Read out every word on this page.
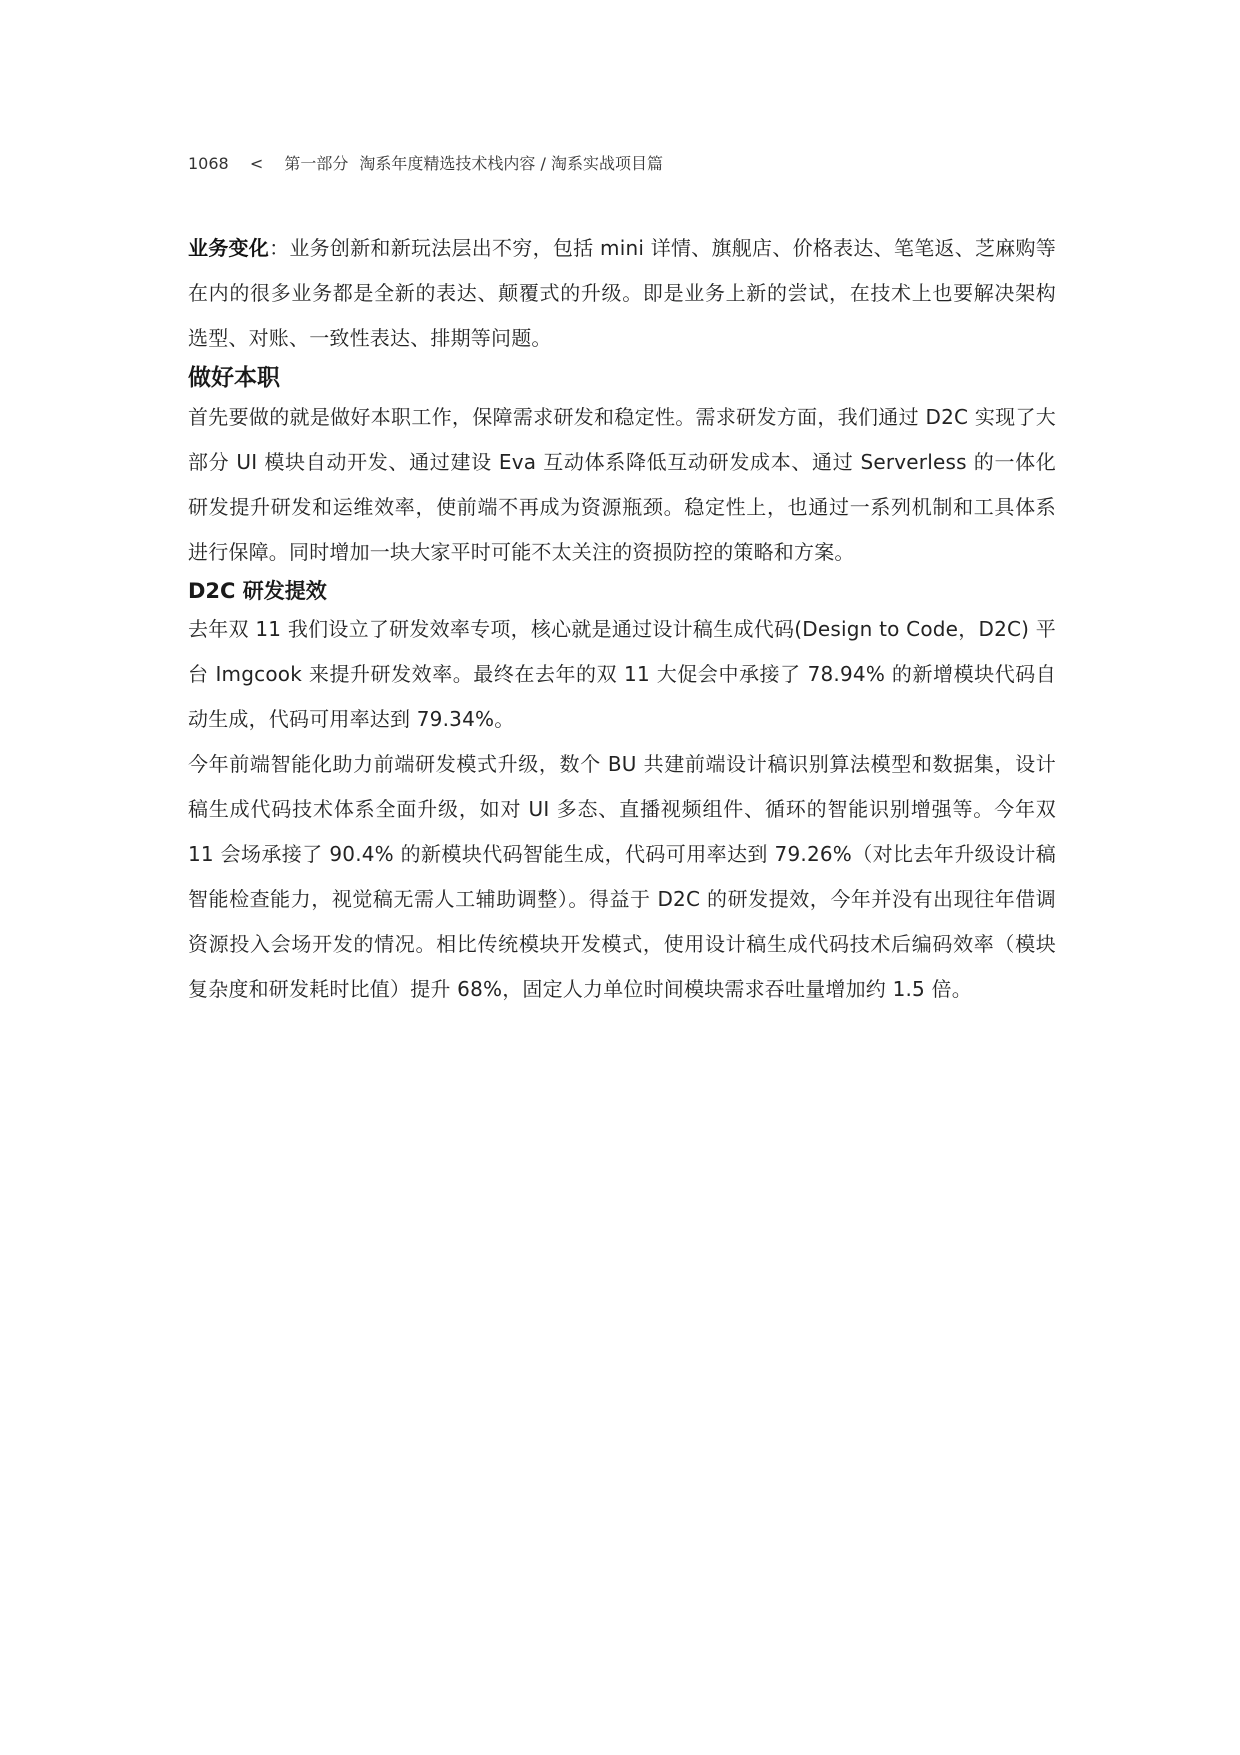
1068 < 第一部分 淘系年度精选技术栈内容 / 淘系实战项目篇

业务变化：业务创新和新玩法层出不穷，包括 mini 详情、旗舰店、价格表达、笔笔返、芝麻购等在内的很多业务都是全新的表达、颠覆式的升级。即是业务上新的尝试，在技术上也要解决架构选型、对账、一致性表达、排期等问题。

做好本职

首先要做的就是做好本职工作，保障需求研发和稳定性。需求研发方面，我们通过 D2C 实现了大部分 UI 模块自动开发、通过建设 Eva 互动体系降低互动研发成本、通过 Serverless 的一体化研发提升研发和运维效率，使前端不再成为资源瓶颈。稳定性上，也通过一系列机制和工具体系进行保障。同时增加一块大家平时可能不太关注的资损防控的策略和方案。

D2C 研发提效

去年双 11 我们设立了研发效率专项，核心就是通过设计稿生成代码(Design to Code，D2C) 平台 Imgcook 来提升研发效率。最终在去年的双 11 大促会中承接了 78.94% 的新增模块代码自动生成，代码可用率达到 79.34%。

今年前端智能化助力前端研发模式升级，数个 BU 共建前端设计稿识别算法模型和数据集，设计稿生成代码技术体系全面升级，如对 UI 多态、直播视频组件、循环的智能识别增强等。今年双 11 会场承接了 90.4% 的新模块代码智能生成，代码可用率达到 79.26%（对比去年升级设计稿智能检查能力，视觉稿无需人工辅助调整）。得益于 D2C 的研发提效，今年并没有出现往年借调资源投入会场开发的情况。相比传统模块开发模式，使用设计稿生成代码技术后编码效率（模块复杂度和研发耗时比值）提升 68%，固定人力单位时间模块需求吞吐量增加约 1.5 倍。
